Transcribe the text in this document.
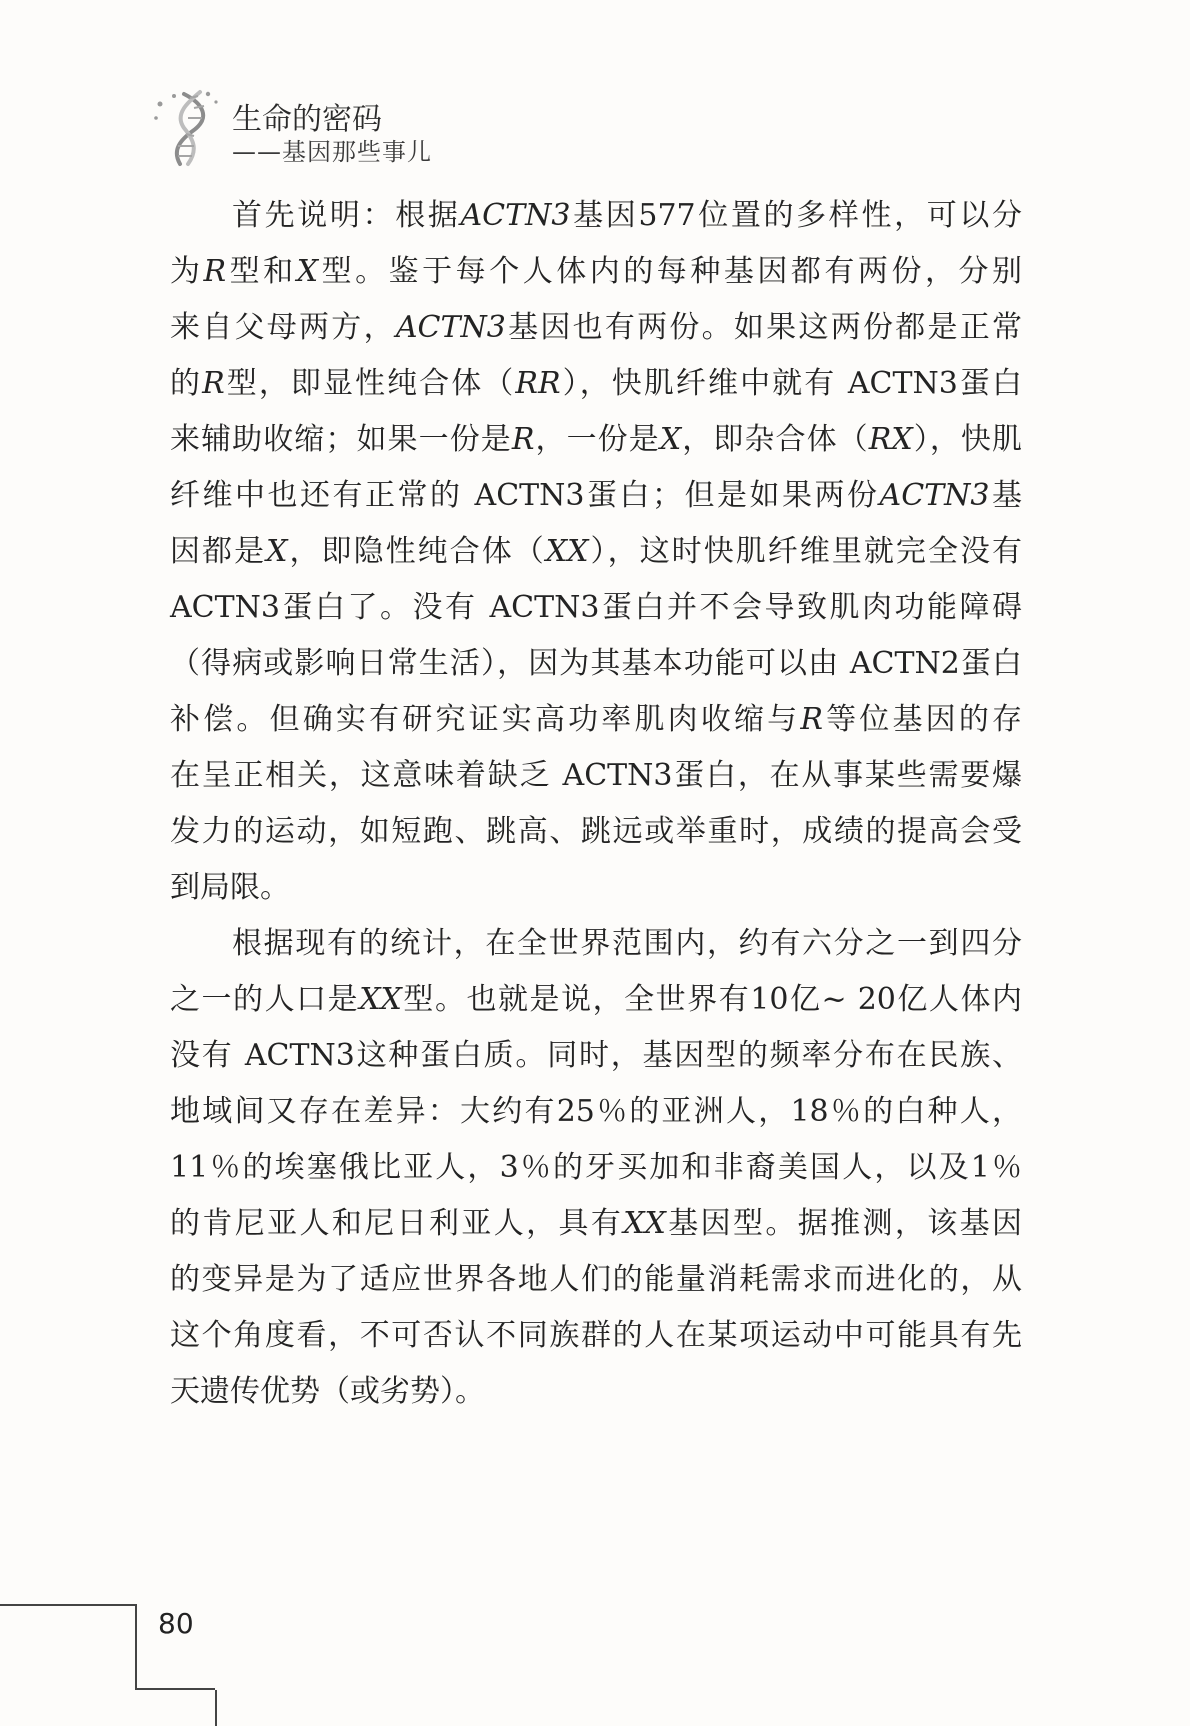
生命的密码
——基因那些事儿
首先说明：根据ACTN3基因577位置的多样性，可以分
为R型和X型。鉴于每个人体内的每种基因都有两份，分别
来自父母两方，ACTN3基因也有两份。如果这两份都是正常
的R型，即显性纯合体（RR），快肌纤维中就有 ACTN3蛋白
来辅助收缩；如果一份是R，一份是X，即杂合体（RX），快肌
纤维中也还有正常的 ACTN3蛋白；但是如果两份ACTN3基
因都是X，即隐性纯合体（XX），这时快肌纤维里就完全没有
ACTN3蛋白了。没有 ACTN3蛋白并不会导致肌肉功能障碍
（得病或影响日常生活），因为其基本功能可以由 ACTN2蛋白
补偿。但确实有研究证实高功率肌肉收缩与R等位基因的存
在呈正相关，这意味着缺乏 ACTN3蛋白，在从事某些需要爆
发力的运动，如短跑、跳高、跳远或举重时，成绩的提高会受
到局限。
根据现有的统计，在全世界范围内，约有六分之一到四分
之一的人口是XX型。也就是说，全世界有10亿~ 20亿人体内
没有 ACTN3这种蛋白质。同时，基因型的频率分布在民族、
地域间又存在差异：大约有25％的亚洲人，18％的白种人，
11％的埃塞俄比亚人，3％的牙买加和非裔美国人，以及1％
的肯尼亚人和尼日利亚人，具有XX基因型。据推测，该基因
的变异是为了适应世界各地人们的能量消耗需求而进化的，从
这个角度看，不可否认不同族群的人在某项运动中可能具有先
天遗传优势（或劣势）。
80
